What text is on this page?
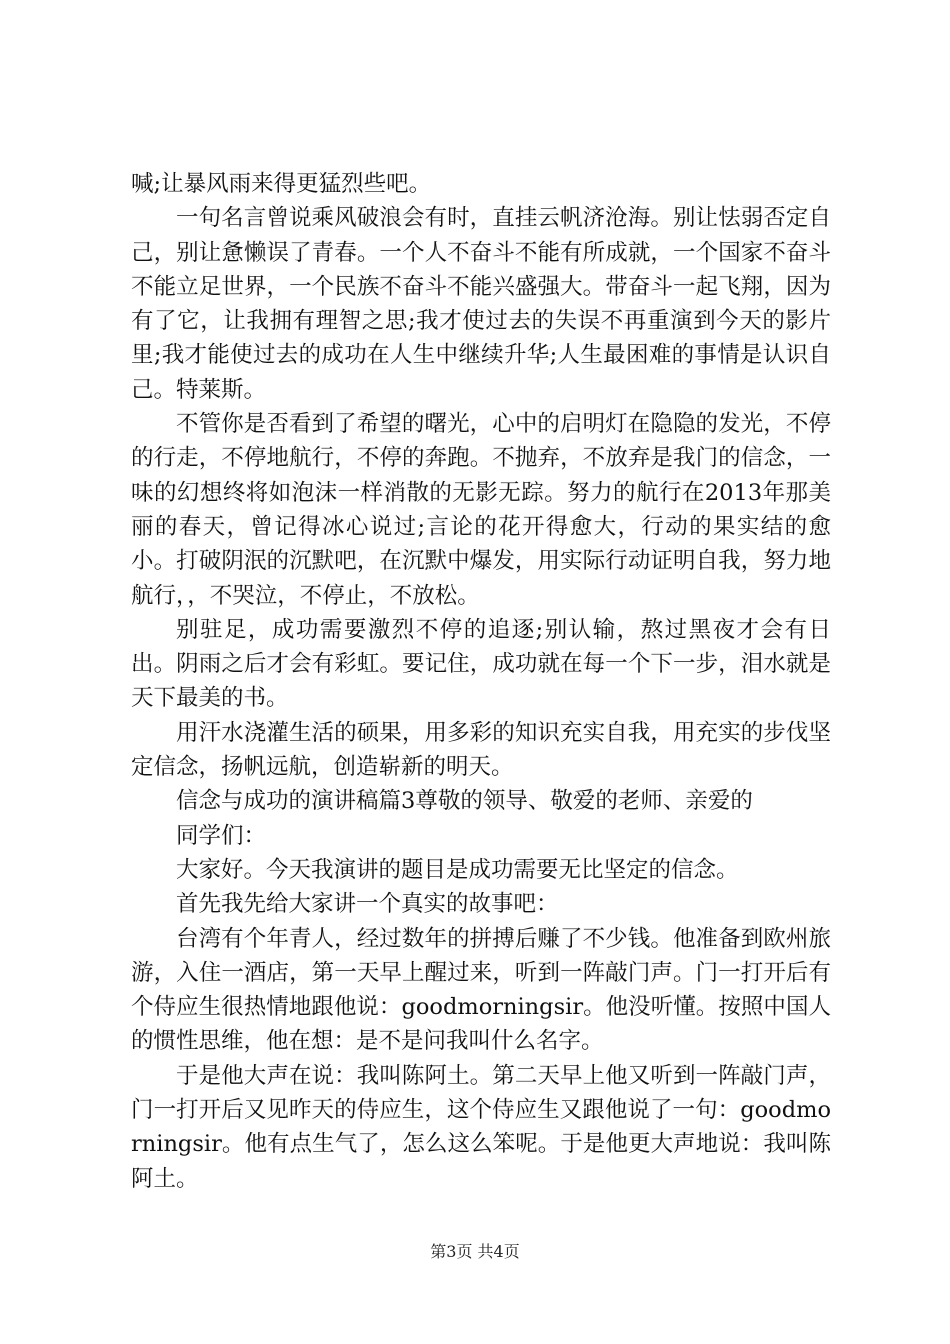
喊;让暴风雨来得更猛烈些吧。

一句名言曾说乘风破浪会有时，直挂云帆济沧海。别让怯弱否定自己，别让惫懒误了青春。一个人不奋斗不能有所成就，一个国家不奋斗不能立足世界，一个民族不奋斗不能兴盛强大。带奋斗一起飞翔，因为有了它，让我拥有理智之思;我才使过去的失误不再重演到今天的影片里;我才能使过去的成功在人生中继续升华;人生最困难的事情是认识自己。特莱斯。

不管你是否看到了希望的曙光，心中的启明灯在隐隐的发光，不停的行走，不停地航行，不停的奔跑。不抛弃，不放弃是我门的信念，一味的幻想终将如泡沫一样消散的无影无踪。努力的航行在2013年那美丽的春天，曾记得冰心说过;言论的花开得愈大，行动的果实结的愈小。打破阴泯的沉默吧，在沉默中爆发，用实际行动证明自我，努力地航行，，不哭泣，不停止，不放松。

别驻足，成功需要激烈不停的追逐;别认输，熬过黑夜才会有日出。阴雨之后才会有彩虹。要记住，成功就在每一个下一步，泪水就是天下最美的书。

用汗水浇灌生活的硕果，用多彩的知识充实自我，用充实的步伐坚定信念，扬帆远航，创造崭新的明天。

信念与成功的演讲稿篇3尊敬的领导、敬爱的老师、亲爱的

同学们：

大家好。今天我演讲的题目是成功需要无比坚定的信念。

首先我先给大家讲一个真实的故事吧：

台湾有个年青人，经过数年的拼搏后赚了不少钱。他准备到欧州旅游，入住一酒店，第一天早上醒过来，听到一阵敲门声。门一打开后有个侍应生很热情地跟他说：goodmorningsir。他没听懂。按照中国人的惯性思维，他在想：是不是问我叫什么名字。

于是他大声在说：我叫陈阿土。第二天早上他又听到一阵敲门声，门一打开后又见昨天的侍应生，这个侍应生又跟他说了一句：goodmorningsir。他有点生气了，怎么这么笨呢。于是他更大声地说：我叫陈阿土。

第3页 共4页
